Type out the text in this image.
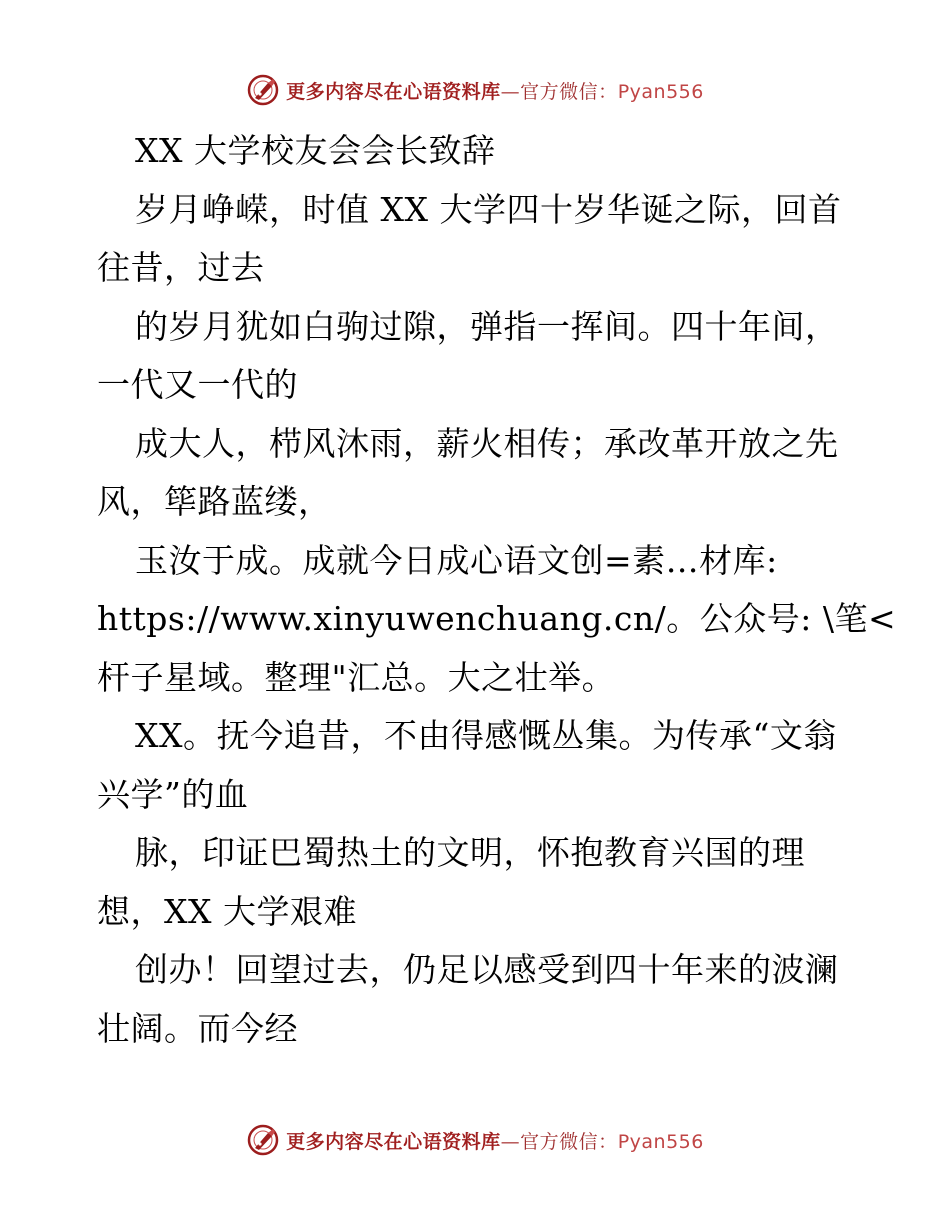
更多内容尽在心语资料库—官方微信：Pyan556
XX 大学校友会会长致辞
岁月峥嵘，时值 XX 大学四十岁华诞之际，回首
往昔，过去
的岁月犹如白驹过隙，弹指一挥间。四十年间，
一代又一代的
成大人，栉风沐雨，薪火相传；承改革开放之先
风，筚路蓝缕，
玉汝于成。成就今日成心语文创=素…材库:
https://www.xinyuwenchuang.cn/。公众号: \笔<
杆子星域。整理"汇总。大之壮举。
XX。抚今追昔，不由得感慨丛集。为传承“文翁
兴学”的血
脉，印证巴蜀热土的文明，怀抱教育兴国的理
想，XX 大学艰难
创办！回望过去，仍足以感受到四十年来的波澜
壮阔。而今经
更多内容尽在心语资料库—官方微信：Pyan556
